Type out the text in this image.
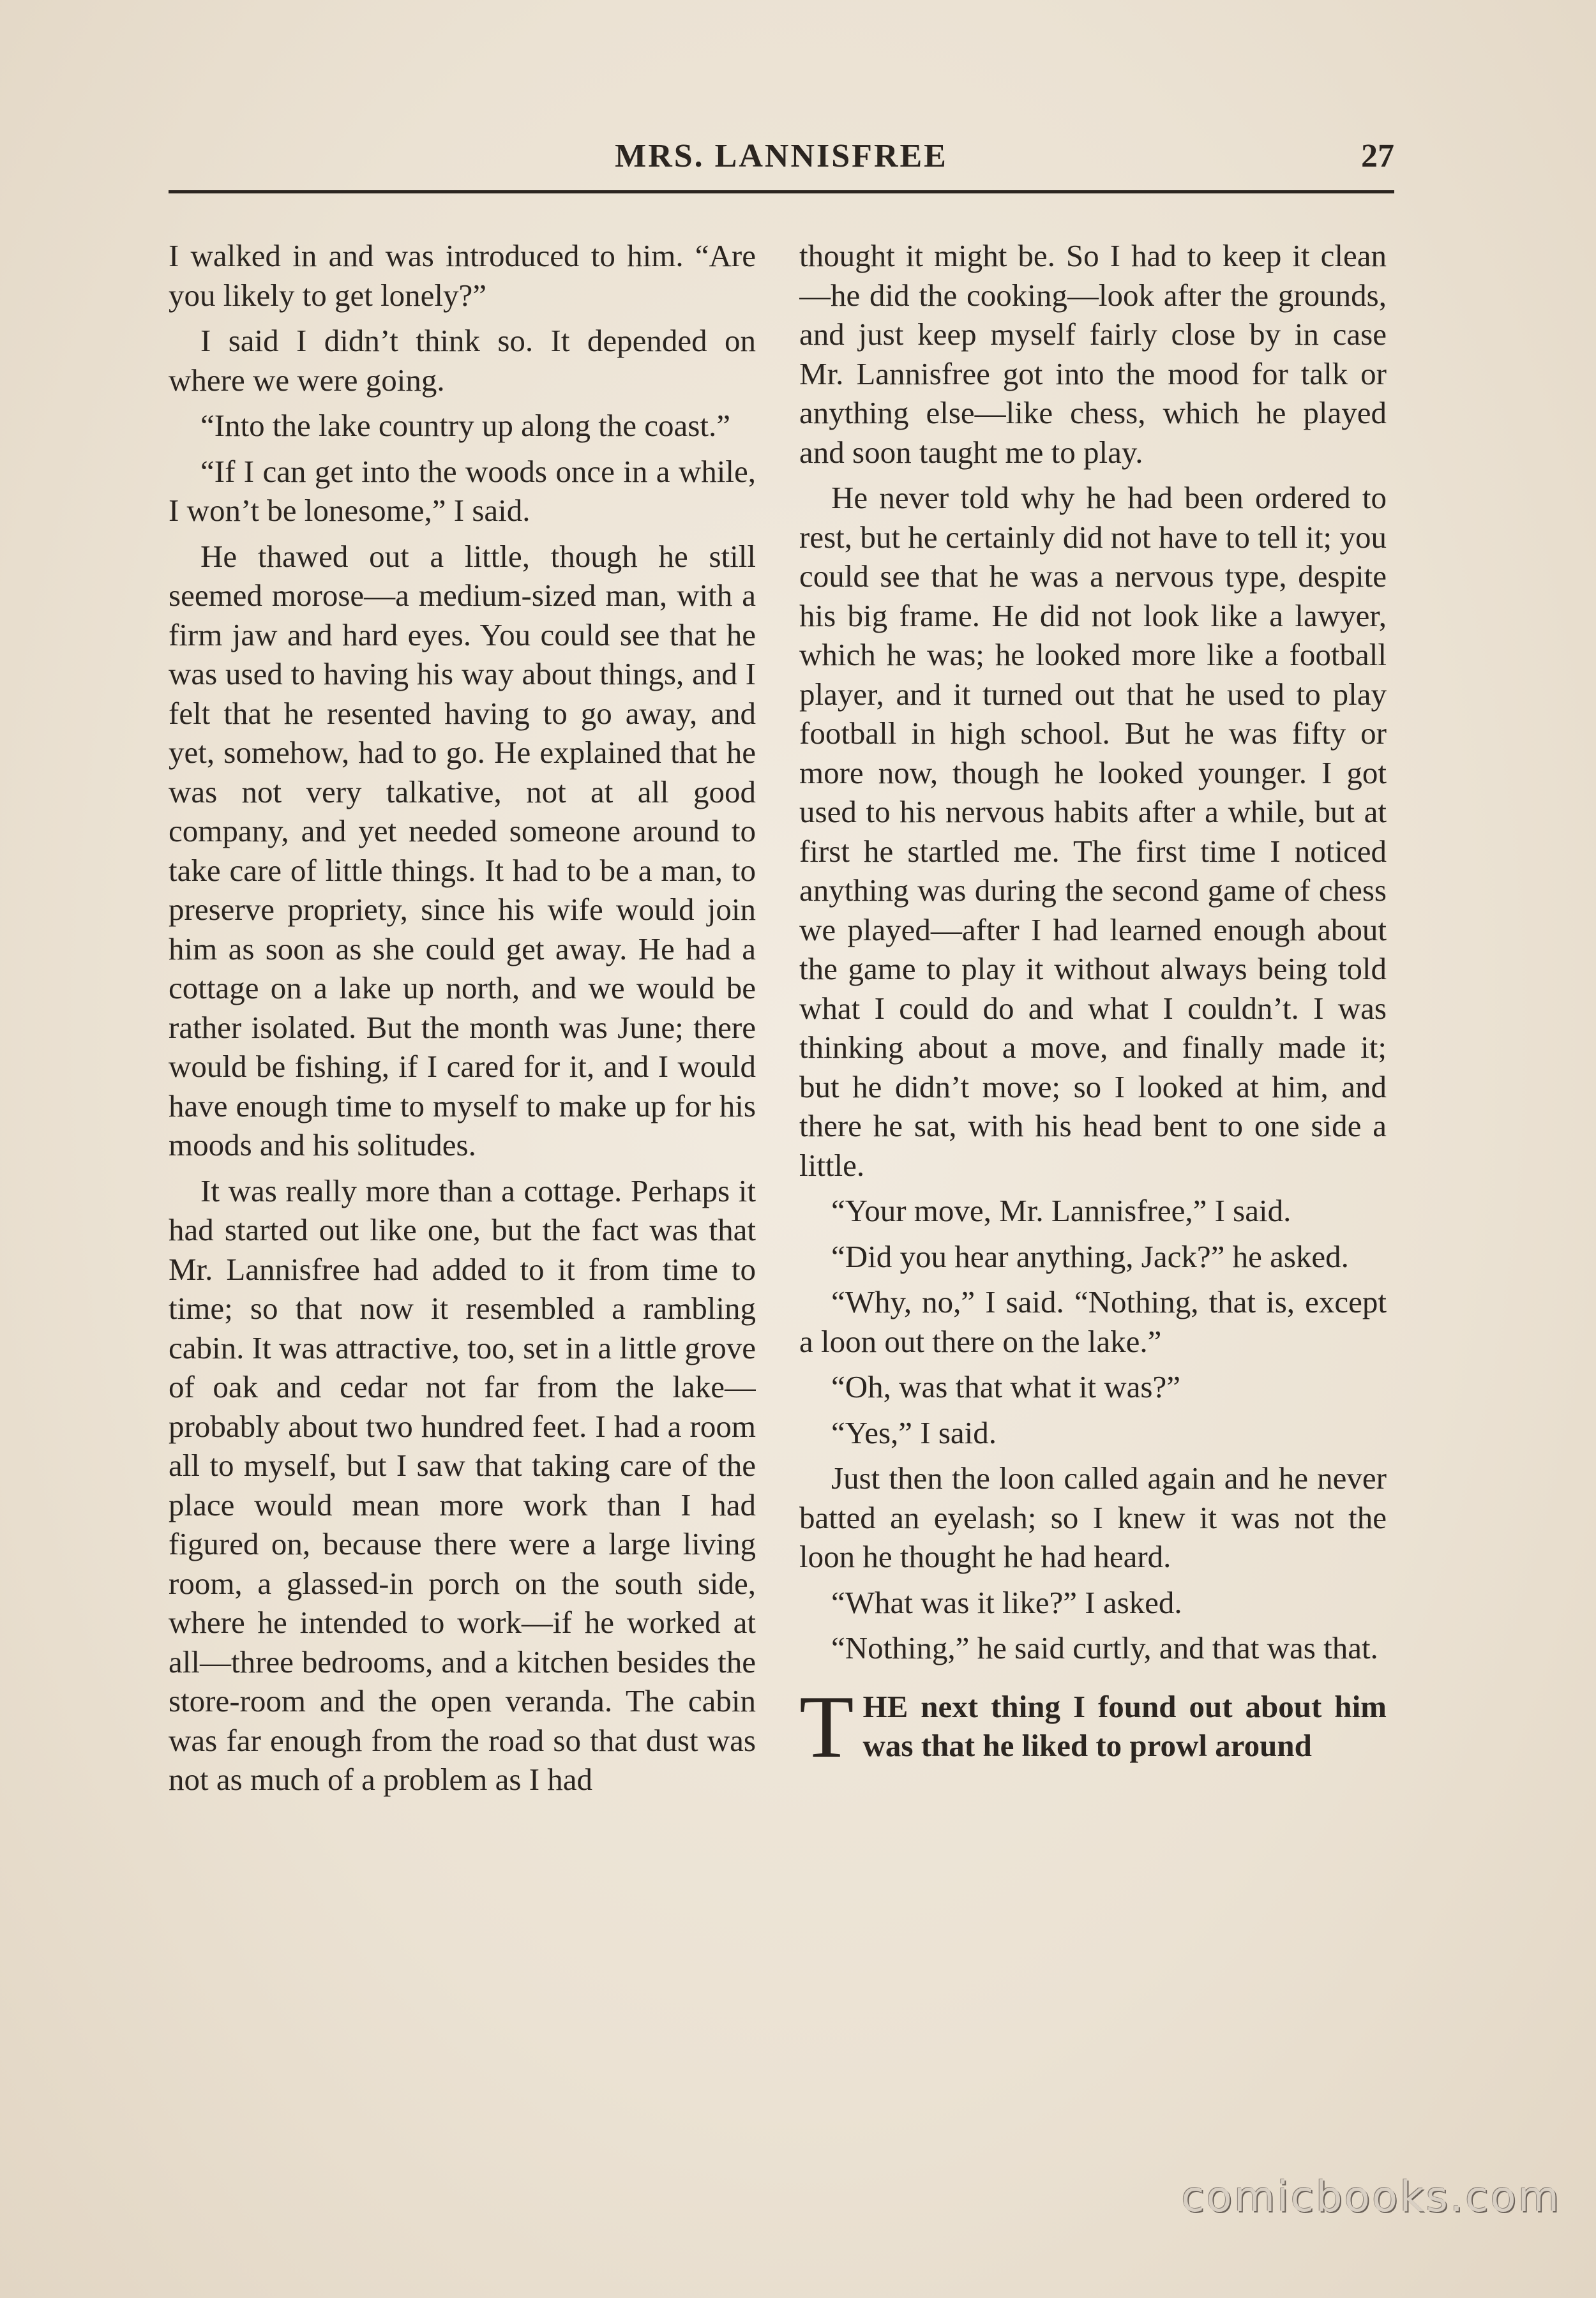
MRS. LANNISFREE	27

I walked in and was introduced to him. “Are you likely to get lonely?”

I said I didn’t think so. It depended on where we were going.

“Into the lake country up along the coast.”

“If I can get into the woods once in a while, I won’t be lonesome,” I said.

He thawed out a little, though he still seemed morose—a medium-sized man, with a firm jaw and hard eyes. You could see that he was used to having his way about things, and I felt that he resented having to go away, and yet, somehow, had to go. He explained that he was not very talkative, not at all good company, and yet needed someone around to take care of little things. It had to be a man, to preserve propriety, since his wife would join him as soon as she could get away. He had a cottage on a lake up north, and we would be rather isolated. But the month was June; there would be fishing, if I cared for it, and I would have enough time to myself to make up for his moods and his solitudes.

It was really more than a cottage. Perhaps it had started out like one, but the fact was that Mr. Lannisfree had added to it from time to time; so that now it resembled a rambling cabin. It was attractive, too, set in a little grove of oak and cedar not far from the lake—probably about two hundred feet. I had a room all to myself, but I saw that taking care of the place would mean more work than I had figured on, because there were a large living room, a glassed-in porch on the south side, where he intended to work—if he worked at all—three bedrooms, and a kitchen besides the store-room and the open veranda. The cabin was far enough from the road so that dust was not as much of a problem as I had

thought it might be. So I had to keep it clean—he did the cooking—look after the grounds, and just keep myself fairly close by in case Mr. Lannisfree got into the mood for talk or anything else—like chess, which he played and soon taught me to play.

He never told why he had been ordered to rest, but he certainly did not have to tell it; you could see that he was a nervous type, despite his big frame. He did not look like a lawyer, which he was; he looked more like a football player, and it turned out that he used to play football in high school. But he was fifty or more now, though he looked younger. I got used to his nervous habits after a while, but at first he startled me. The first time I noticed anything was during the second game of chess we played—after I had learned enough about the game to play it without always being told what I could do and what I couldn’t. I was thinking about a move, and finally made it; but he didn’t move; so I looked at him, and there he sat, with his head bent to one side a little.

“Your move, Mr. Lannisfree,” I said.

“Did you hear anything, Jack?” he asked.

“Why, no,” I said. “Nothing, that is, except a loon out there on the lake.”

“Oh, was that what it was?”

“Yes,” I said.

Just then the loon called again and he never batted an eyelash; so I knew it was not the loon he thought he had heard.

“What was it like?” I asked.

“Nothing,” he said curtly, and that was that.

THE next thing I found out about him was that he liked to prowl around

comicbooks.com
